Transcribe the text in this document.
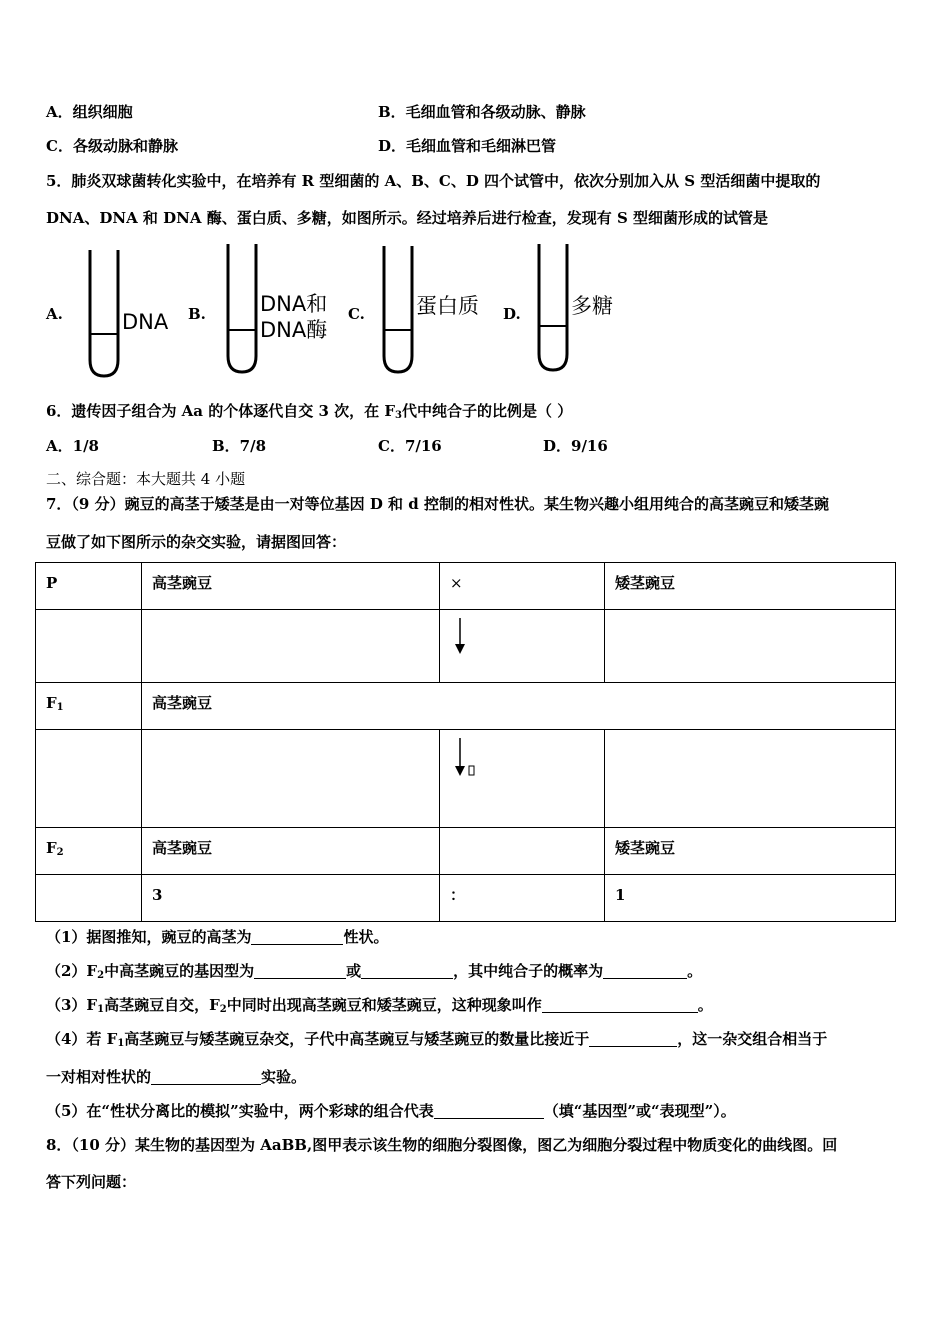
A．组织细胞	B．毛细血管和各级动脉、静脉
C．各级动脉和静脉	D．毛细血管和毛细淋巴管
5．肺炎双球菌转化实验中，在培养有 R 型细菌的 A、B、C、D 四个试管中，依次分别加入从 S 型活细菌中提取的
DNA、DNA 和 DNA 酶、蛋白质、多糖，如图所示。经过培养后进行检查，发现有 S 型细菌形成的试管是
A.	DNA B.	DNA和
DNA酶
C. 蛋白质 D. 多糖
6．遗传因子组合为 Aa 的个体逐代自交 3 次，在 $F_3$代中纯合子的比例是（ ）
A．1/8	B．7/8	C．7/16	D．9/16
二、综合题：本大题共 4 小题
7．（9 分）豌豆的高茎于矮茎是由一对等位基因 D 和 d 控制的相对性状。某生物兴趣小组用纯合的高茎豌豆和矮茎豌
豆做了如下图所示的杂交实验，请据图回答：
P	高茎豌豆	×	矮茎豌豆

$F_1$	高茎豌豆		

$F_2$	高茎豌豆		矮茎豌豆

	3	：	1
（1）据图推知，豌豆的高茎为	性状。
$(2)F_2$中高茎豌豆的基因型为	或	，其中纯合子的概率为	。
$(3)F_1$高茎豌豆自交，$F_2$中同时出现高茎豌豆和矮茎豌豆，这种现象叫作	。
（4）若 $F_1$高茎豌豆与矮茎豌豆杂交，子代中高茎豌豆与矮茎豌豆的数量比接近于	，这一杂交组合相当于
一对相对性状的	实验。
（5）在“性状分离比的模拟”实验中，两个彩球的组合代表	（填“基因型”或“表现型”）。
8．（10 分）某生物的基因型为 AaBB,图甲表示该生物的细胞分裂图像，图乙为细胞分裂过程中物质变化的曲线图。回
答下列问题：
